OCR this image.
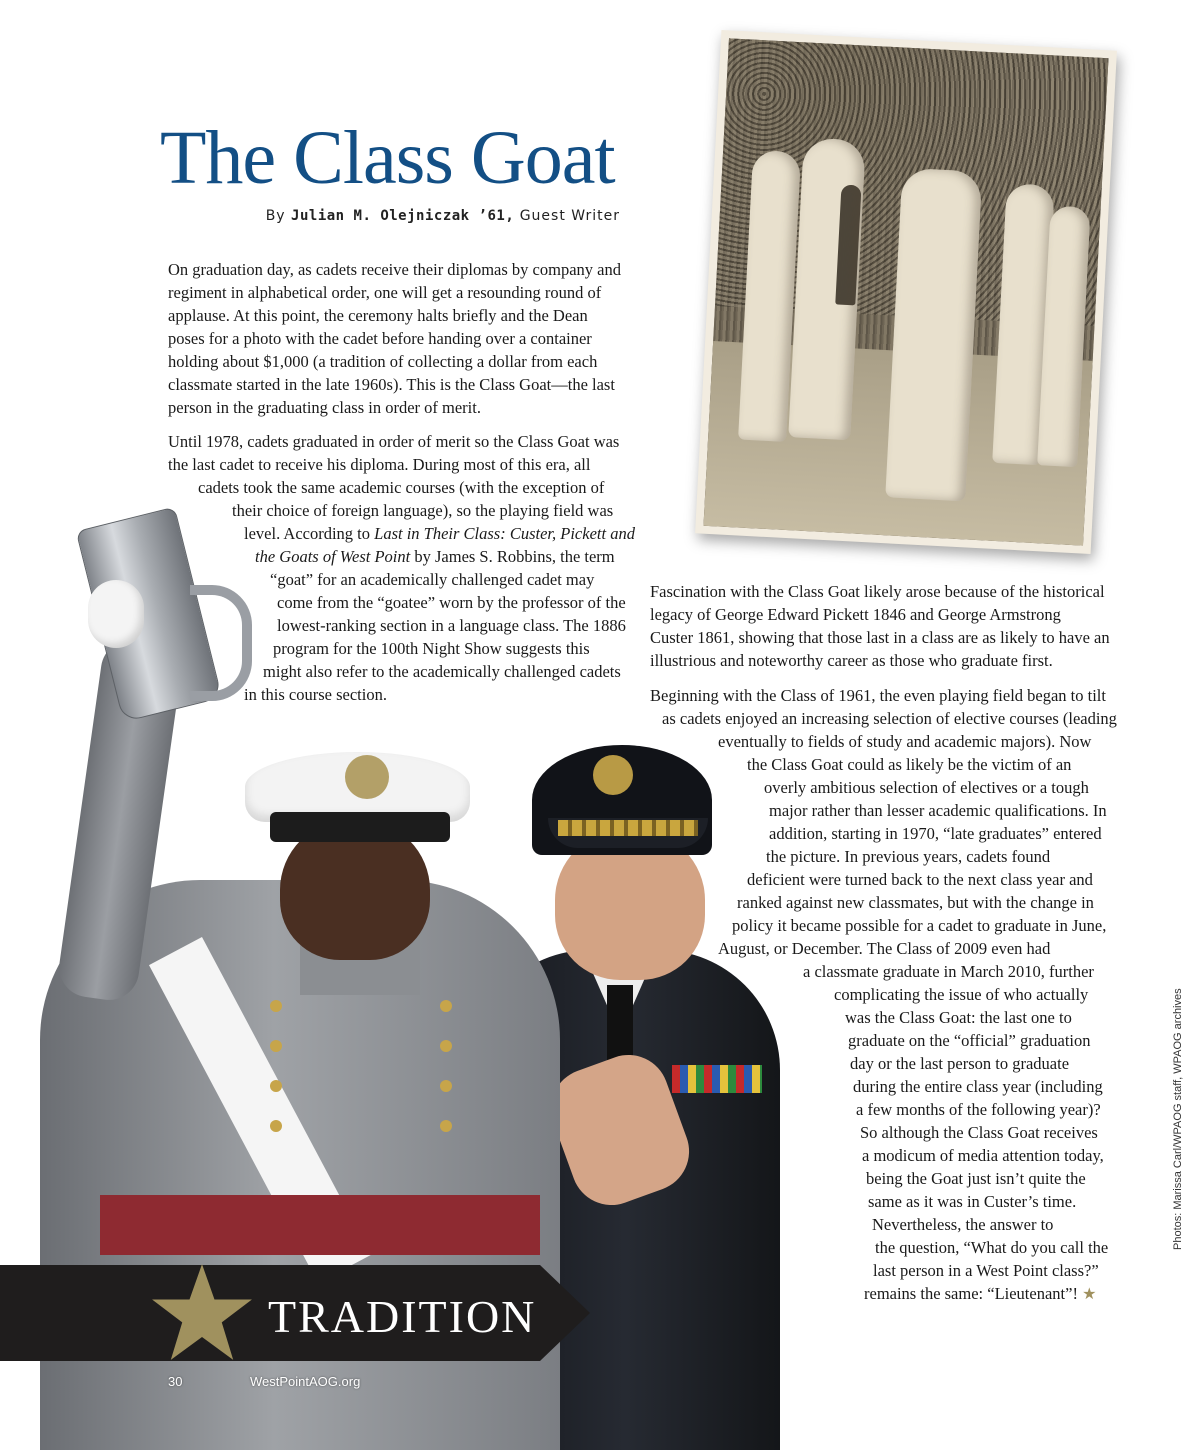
The Class Goat
By Julian M. Olejniczak ’61, Guest Writer
On graduation day, as cadets receive their diplomas by company and
regiment in alphabetical order, one will get a resounding round of
applause. At this point, the ceremony halts briefly and the Dean
poses for a photo with the cadet before handing over a container
holding about $1,000 (a tradition of collecting a dollar from each
classmate started in the late 1960s). This is the Class Goat—the last
person in the graduating class in order of merit.
Until 1978, cadets graduated in order of merit so the Class Goat was
the last cadet to receive his diploma. During most of this era, all
cadets took the same academic courses (with the exception of
their choice of foreign language), so the playing field was
level. According to Last in Their Class: Custer, Pickett and
the Goats of West Point by James S. Robbins, the term
“goat” for an academically challenged cadet may
come from the “goatee” worn by the professor of the
lowest-ranking section in a language class. The 1886
program for the 100th Night Show suggests this
might also refer to the academically challenged cadets
in this course section.
Fascination with the Class Goat likely arose because of the historical
legacy of George Edward Pickett 1846 and George Armstrong
Custer 1861, showing that those last in a class are as likely to have an
illustrious and noteworthy career as those who graduate first.
Beginning with the Class of 1961, the even playing field began to tilt
as cadets enjoyed an increasing selection of elective courses (leading
eventually to fields of study and academic majors). Now
the Class Goat could as likely be the victim of an
overly ambitious selection of electives or a tough
major rather than lesser academic qualifications. In
addition, starting in 1970, “late graduates” entered
the picture. In previous years, cadets found
deficient were turned back to the next class year and
ranked against new classmates, but with the change in
policy it became possible for a cadet to graduate in June,
August, or December. The Class of 2009 even had
a classmate graduate in March 2010, further
complicating the issue of who actually
was the Class Goat: the last one to
graduate on the “official” graduation
day or the last person to graduate
during the entire class year (including
a few months of the following year)?
So although the Class Goat receives
a modicum of media attention today,
being the Goat just isn’t quite the
same as it was in Custer’s time.
Nevertheless, the answer to
the question, “What do you call the
last person in a West Point class?”
remains the same: “Lieutenant”! ★
TRADITION
30	WestPointAOG.org
Photos: Marissa Carl/WPAOG staff, WPAOG archives
